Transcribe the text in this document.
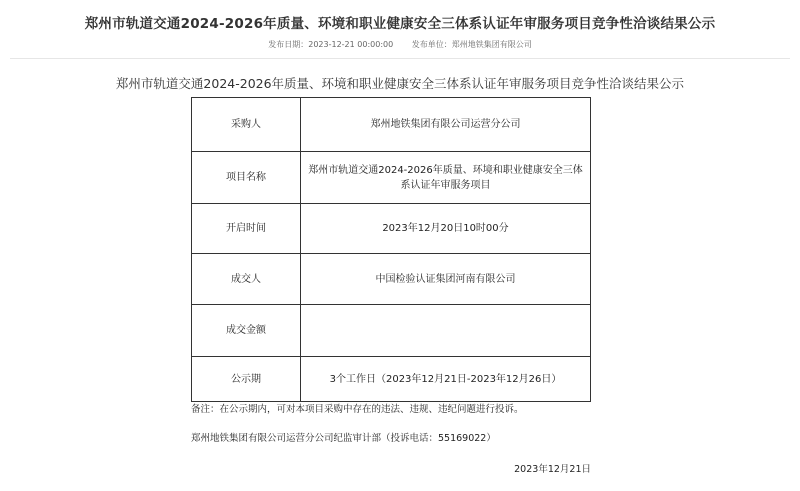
郑州市轨道交通2024-2026年质量、环境和职业健康安全三体系认证年审服务项目竞争性洽谈结果公示
发布日期：2023-12-21 00:00:00 发布单位：郑州地铁集团有限公司
郑州市轨道交通2024-2026年质量、环境和职业健康安全三体系认证年审服务项目竞争性洽谈结果公示
采购人	郑州地铁集团有限公司运营分公司
项目名称	郑州市轨道交通2024-2026年质量、环境和职业健康安全三体系认证年审服务项目
开启时间	2023年12月20日10时00分
成交人	中国检验认证集团河南有限公司
成交金额	
公示期	3个工作日（2023年12月21日-2023年12月26日）
备注：在公示期内，可对本项目采购中存在的违法、违规、违纪问题进行投诉。
郑州地铁集团有限公司运营分公司纪监审计部（投诉电话：55169022）
2023年12月21日
